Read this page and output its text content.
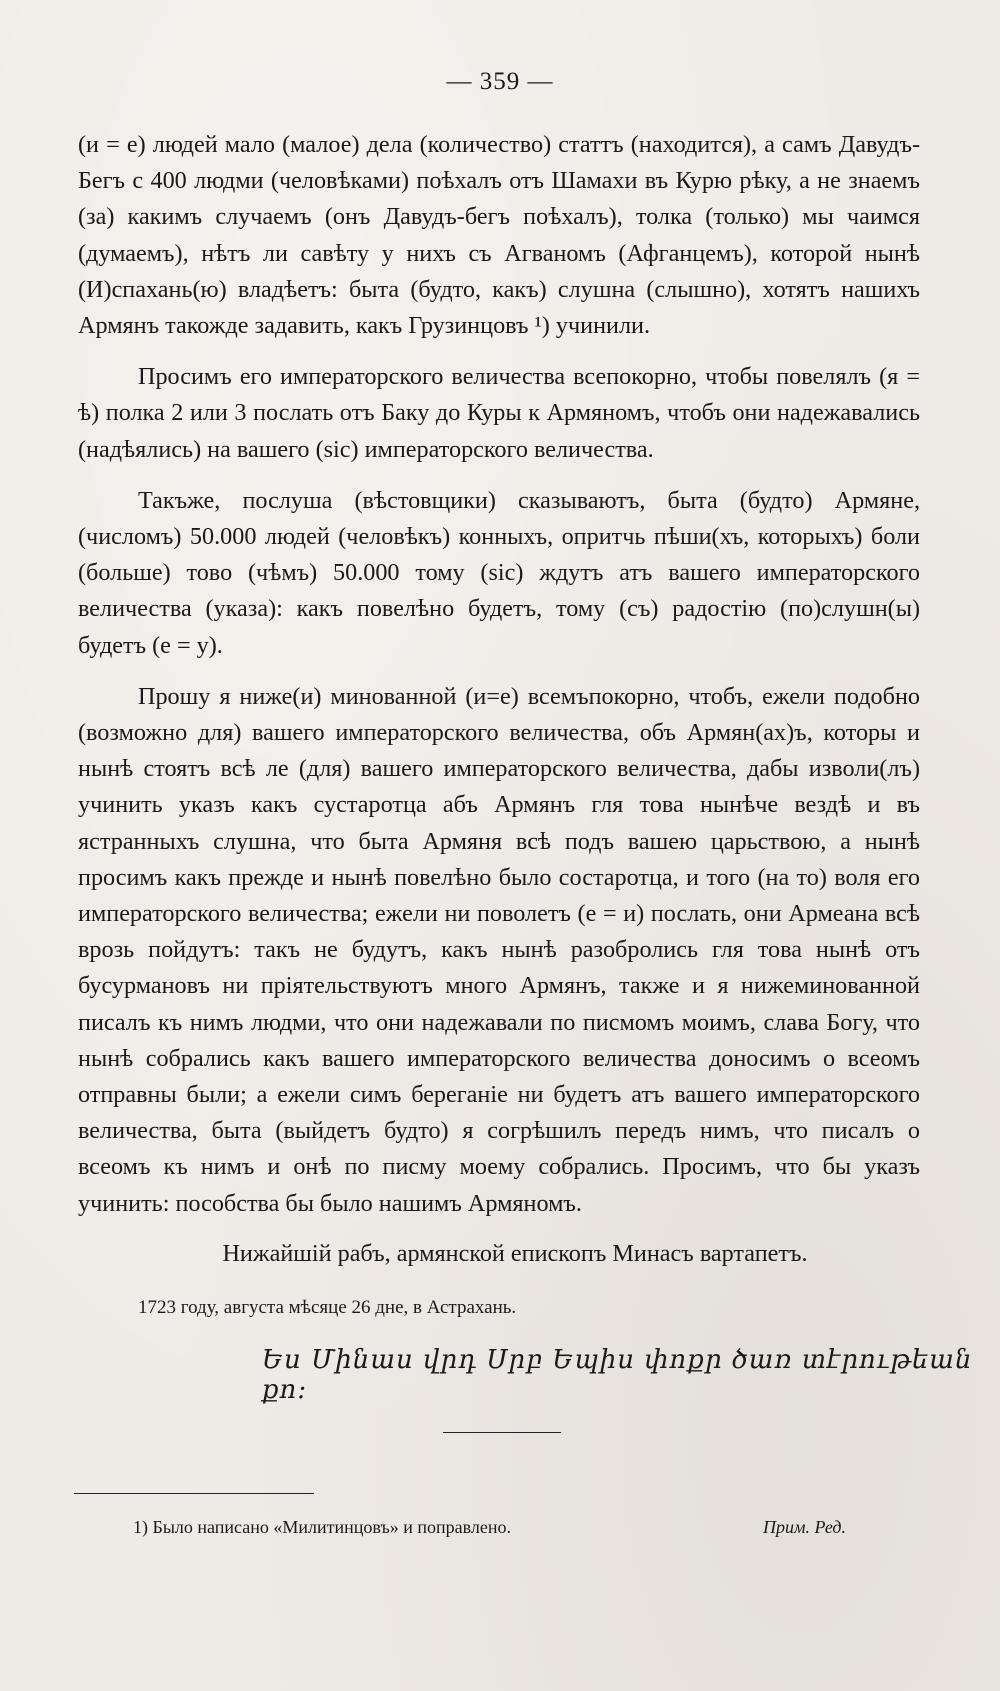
— 359 —

(и = е) людей мало (малое) дела (количество) статтъ (находится), а самъ Давудъ-Бегъ с 400 людми (человѣками) поѣхалъ отъ Шамахи въ Курю рѣку, а не знаемъ (за) какимъ случаемъ (онъ Давудъ-бегъ поѣхалъ), толка (только) мы чаимся (думаемъ), нѣтъ ли савѣту у нихъ съ Агваномъ (Афганцемъ), которой нынѣ (И)спахань(ю) владѣетъ: быта (будто, какъ) слушна (слышно), хотятъ нашихъ Армянъ такожде задавить, какъ Грузинцовъ ¹) учинили.

Просимъ его императорского величества всепокорно, чтобы повелялъ (я = ѣ) полка 2 или 3 послать отъ Баку до Куры к Армяномъ, чтобъ они надежавались (надѣялись) на вашего (sic) императорского величества.

Такъже, послуша (вѣстовщики) сказываютъ, быта (будто) Армяне, (числомъ) 50.000 людей (человѣкъ) конныхъ, опритчь пѣши(хъ, которыхъ) боли (больше) тово (чѣмъ) 50.000 тому (sic) ждутъ атъ вашего императорского величества (указа): какъ повелѣно будетъ, тому (съ) радостію (по)слушн(ы) будетъ (е = у).

Прошу я ниже(и) минованной (и=е) всемъпокорно, чтобъ, ежели подобно (возможно для) вашего императорского величества, объ Армян(ах)ъ, которы и нынѣ стоятъ всѣ ле (для) вашего императорского величества, дабы изволи(лъ) учинить указъ какъ сустаротца абъ Армянъ гля това нынѣче вездѣ и въ ястранныхъ слушна, что быта Армяня всѣ подъ вашею царьствою, а нынѣ просимъ какъ прежде и нынѣ повелѣно было состаротца, и того (на то) воля его императорского величества; ежели ни поволетъ (е = и) послать, они Армеана всѣ врозь пойдутъ: такъ не будутъ, какъ нынѣ разобролись гля това нынѣ отъ бусурмановъ ни пріятельствуютъ много Армянъ, также и я нижеминованной писалъ къ нимъ людми, что они надежавали по писмомъ моимъ, слава Богу, что нынѣ собрались какъ вашего императорского величества доносимъ о всеомъ отправны были; а ежели симъ береганіе ни будетъ атъ вашего императорского величества, быта (выйдетъ будто) я согрѣшилъ передъ нимъ, что писалъ о всеомъ къ нимъ и онѣ по писму моему собрались. Просимъ, что бы указъ учинить: пособства бы было нашимъ Армяномъ.

Нижайшій рабъ, армянской епископъ Минасъ вартапетъ.
1723 году, августа мѣсяце 26 дне, в Астрахань.
Ես Մինաս վրդ Սրբ Եպիս փոքր ծառ տէրութեան քո։
1) Было написано «Милитинцовъ» и поправлено.	Прим. Ред.
